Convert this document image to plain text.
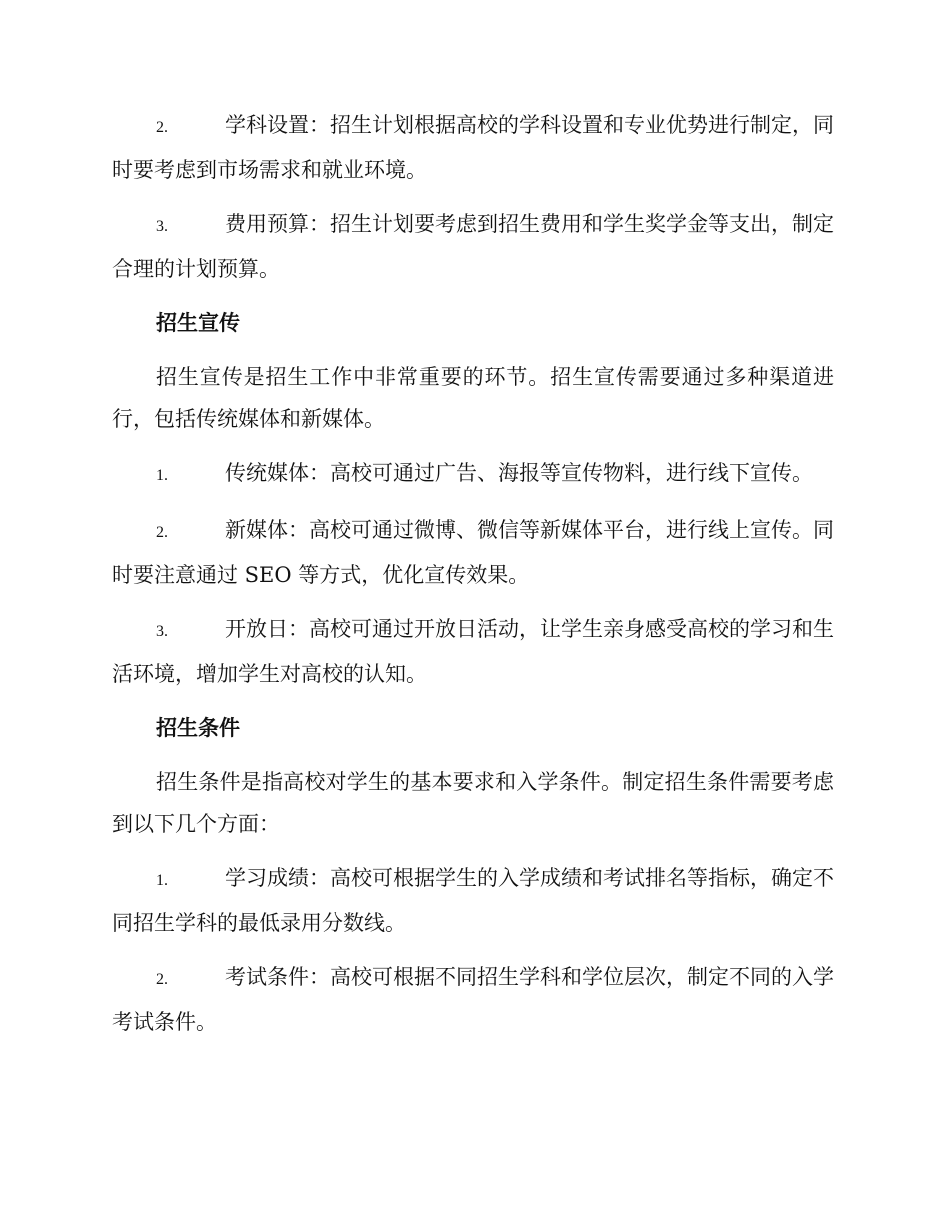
2.	学科设置：招生计划根据高校的学科设置和专业优势进行制定，同时要考虑到市场需求和就业环境。

3.	费用预算：招生计划要考虑到招生费用和学生奖学金等支出，制定合理的计划预算。

招生宣传

招生宣传是招生工作中非常重要的环节。招生宣传需要通过多种渠道进行，包括传统媒体和新媒体。

1.	传统媒体：高校可通过广告、海报等宣传物料，进行线下宣传。

2.	新媒体：高校可通过微博、微信等新媒体平台，进行线上宣传。同时要注意通过 SEO 等方式，优化宣传效果。

3.	开放日：高校可通过开放日活动，让学生亲身感受高校的学习和生活环境，增加学生对高校的认知。

招生条件

招生条件是指高校对学生的基本要求和入学条件。制定招生条件需要考虑到以下几个方面：

1.	学习成绩：高校可根据学生的入学成绩和考试排名等指标，确定不同招生学科的最低录用分数线。

2.	考试条件：高校可根据不同招生学科和学位层次，制定不同的入学考试条件。
